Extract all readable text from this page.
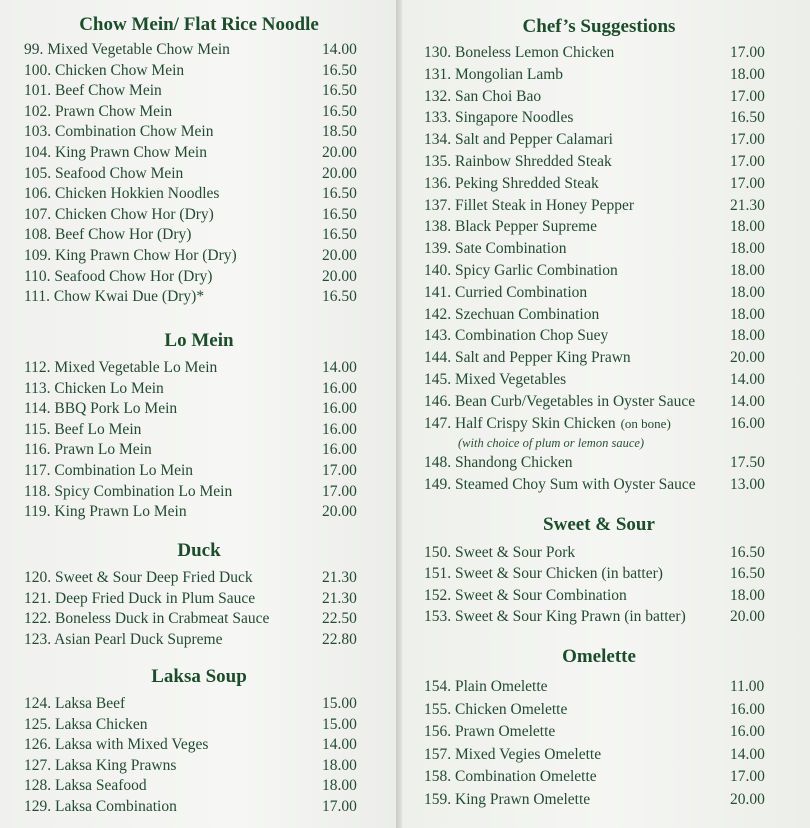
Chow Mein/ Flat Rice Noodle
99. Mixed Vegetable Chow Mein	14.00
100. Chicken Chow Mein	16.50
101. Beef Chow Mein	16.50
102. Prawn Chow Mein	16.50
103. Combination Chow Mein	18.50
104. King Prawn Chow Mein	20.00
105. Seafood Chow Mein	20.00
106. Chicken Hokkien Noodles	16.50
107. Chicken Chow Hor (Dry)	16.50
108. Beef Chow Hor (Dry)	16.50
109. King Prawn Chow Hor (Dry)	20.00
110. Seafood Chow Hor (Dry)	20.00
111. Chow Kwai Due (Dry)*	16.50
Lo Mein
112. Mixed Vegetable Lo Mein	14.00
113. Chicken Lo Mein	16.00
114. BBQ Pork Lo Mein	16.00
115. Beef Lo Mein	16.00
116. Prawn Lo Mein	16.00
117. Combination Lo Mein	17.00
118. Spicy Combination Lo Mein	17.00
119. King Prawn Lo Mein	20.00
Duck
120. Sweet & Sour Deep Fried Duck	21.30
121. Deep Fried Duck in Plum Sauce	21.30
122. Boneless Duck in Crabmeat Sauce	22.50
123. Asian Pearl Duck Supreme	22.80
Laksa Soup
124. Laksa Beef	15.00
125. Laksa Chicken	15.00
126. Laksa with Mixed Veges	14.00
127. Laksa King Prawns	18.00
128. Laksa Seafood	18.00
129. Laksa Combination	17.00
Chef’s Suggestions
130. Boneless Lemon Chicken	17.00
131. Mongolian Lamb	18.00
132. San Choi Bao	17.00
133. Singapore Noodles	16.50
134. Salt and Pepper Calamari	17.00
135. Rainbow Shredded Steak	17.00
136. Peking Shredded Steak	17.00
137. Fillet Steak in Honey Pepper	21.30
138. Black Pepper Supreme	18.00
139. Sate Combination	18.00
140. Spicy Garlic Combination	18.00
141. Curried Combination	18.00
142. Szechuan Combination	18.00
143. Combination Chop Suey	18.00
144. Salt and Pepper King Prawn	20.00
145. Mixed Vegetables	14.00
146. Bean Curb/Vegetables in Oyster Sauce 14.00
147. Half Crispy Skin Chicken (on bone)	16.00
(with choice of plum or lemon sauce)
148. Shandong Chicken	17.50
149. Steamed Choy Sum with Oyster Sauce 13.00
Sweet & Sour
150. Sweet & Sour Pork	16.50
151. Sweet & Sour Chicken (in batter)	16.50
152. Sweet & Sour Combination	18.00
153. Sweet & Sour King Prawn (in batter)	20.00
Omelette
154. Plain Omelette	11.00
155. Chicken Omelette	16.00
156. Prawn Omelette	16.00
157. Mixed Vegies Omelette	14.00
158. Combination Omelette	17.00
159. King Prawn Omelette	20.00
